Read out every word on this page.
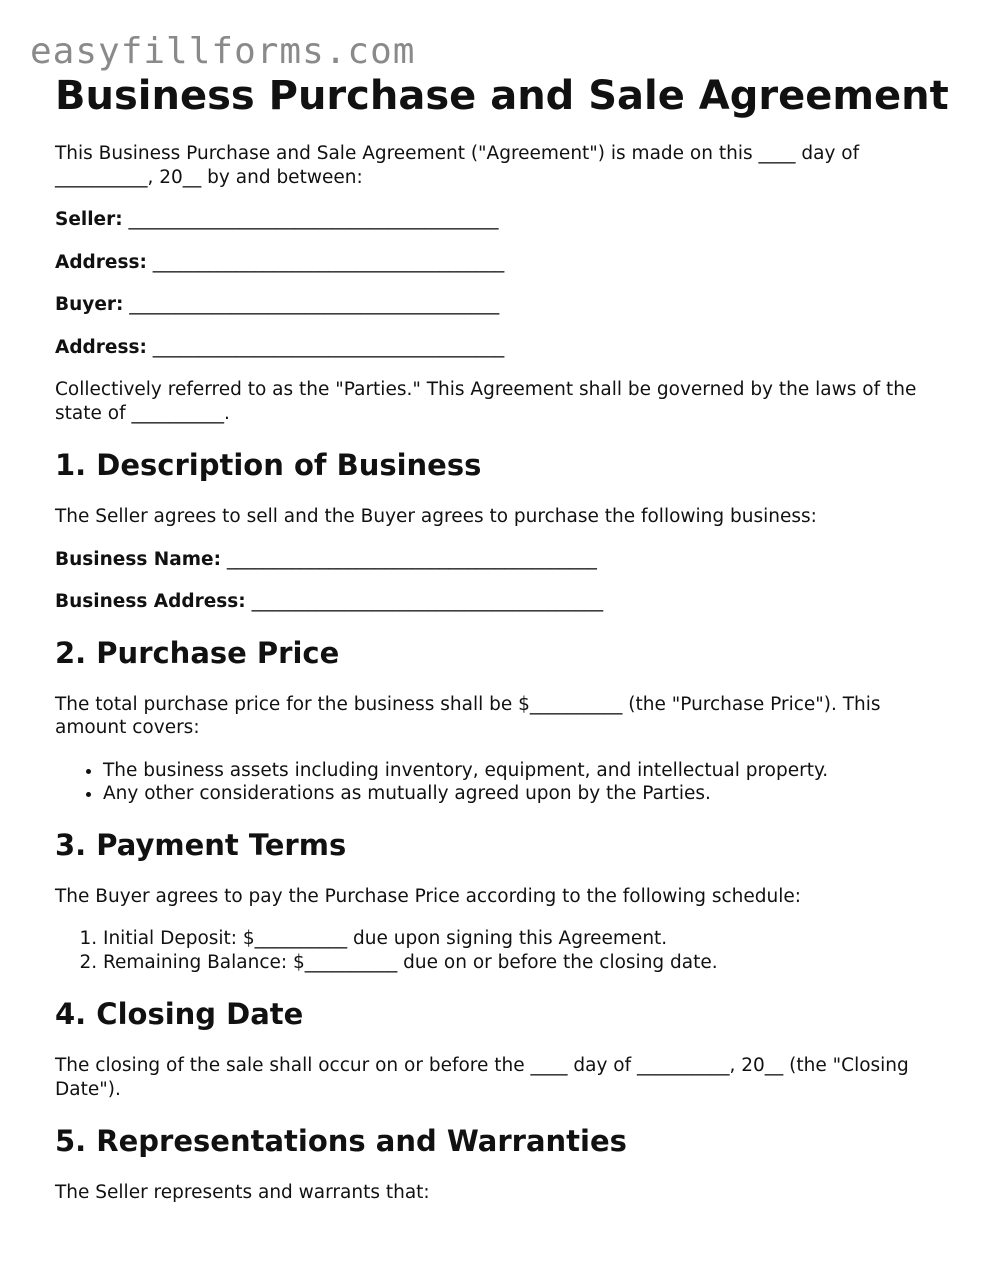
easyfillforms.com
Business Purchase and Sale Agreement

This Business Purchase and Sale Agreement ("Agreement") is made on this ____ day of __________, 20__ by and between:

Seller: ________________________________________

Address: ______________________________________

Buyer: ________________________________________

Address: ______________________________________

Collectively referred to as the "Parties." This Agreement shall be governed by the laws of the state of __________.

1. Description of Business

The Seller agrees to sell and the Buyer agrees to purchase the following business:

Business Name: ________________________________________

Business Address: ______________________________________

2. Purchase Price

The total purchase price for the business shall be $__________ (the "Purchase Price"). This amount covers:

• The business assets including inventory, equipment, and intellectual property.
• Any other considerations as mutually agreed upon by the Parties.
3. Payment Terms

The Buyer agrees to pay the Purchase Price according to the following schedule:

1. Initial Deposit: $__________ due upon signing this Agreement.
2. Remaining Balance: $__________ due on or before the closing date.
4. Closing Date

The closing of the sale shall occur on or before the ____ day of __________, 20__ (the "Closing Date").

5. Representations and Warranties

The Seller represents and warrants that:
